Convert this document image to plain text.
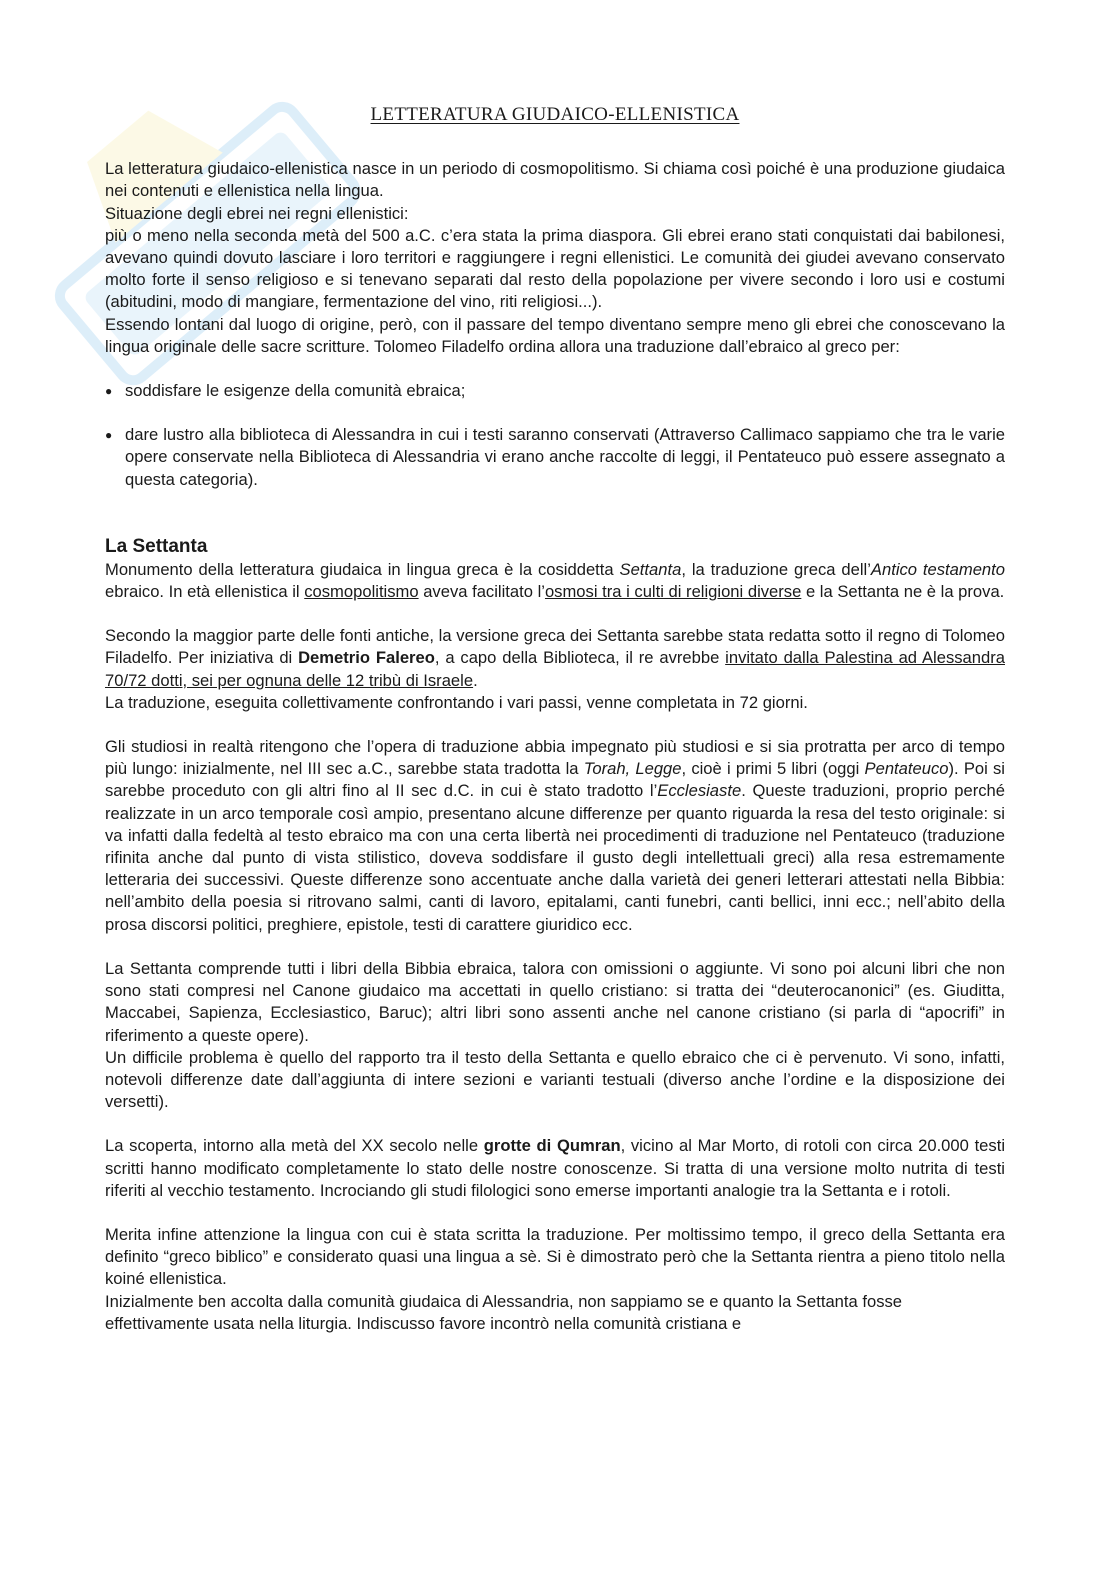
LETTERATURA GIUDAICO-ELLENISTICA

La letteratura giudaico-ellenistica nasce in un periodo di cosmopolitismo. Si chiama così poiché è una produzione giudaica nei contenuti e ellenistica nella lingua.

Situazione degli ebrei nei regni ellenistici:

più o meno nella seconda metà del 500 a.C. c’era stata la prima diaspora. Gli ebrei erano stati conquistati dai babilonesi, avevano quindi dovuto lasciare i loro territori e raggiungere i regni ellenistici. Le comunità dei giudei avevano conservato molto forte il senso religioso e si tenevano separati dal resto della popolazione per vivere secondo i loro usi e costumi (abitudini, modo di mangiare, fermentazione del vino, riti religiosi...).

Essendo lontani dal luogo di origine, però, con il passare del tempo diventano sempre meno gli ebrei che conoscevano la lingua originale delle sacre scritture. Tolomeo Filadelfo ordina allora una traduzione dall’ebraico al greco per:

● soddisfare le esigenze della comunità ebraica;
● dare lustro alla biblioteca di Alessandra in cui i testi saranno conservati (Attraverso Callimaco sappiamo che tra le varie opere conservate nella Biblioteca di Alessandria vi erano anche raccolte di leggi, il Pentateuco può essere assegnato a questa categoria).
La Settanta

Monumento della letteratura giudaica in lingua greca è la cosiddetta Settanta, la traduzione greca dell’Antico testamento ebraico. In età ellenistica il cosmopolitismo aveva facilitato l’osmosi tra i culti di religioni diverse e la Settanta ne è la prova.

Secondo la maggior parte delle fonti antiche, la versione greca dei Settanta sarebbe stata redatta sotto il regno di Tolomeo Filadelfo. Per iniziativa di Demetrio Falereo, a capo della Biblioteca, il re avrebbe invitato dalla Palestina ad Alessandra 70/72 dotti, sei per ognuna delle 12 tribù di Israele.

La traduzione, eseguita collettivamente confrontando i vari passi, venne completata in 72 giorni.

Gli studiosi in realtà ritengono che l’opera di traduzione abbia impegnato più studiosi e si sia protratta per arco di tempo più lungo: inizialmente, nel III sec a.C., sarebbe stata tradotta la Torah, Legge, cioè i primi 5 libri (oggi Pentateuco). Poi si sarebbe proceduto con gli altri fino al II sec d.C. in cui è stato tradotto l’Ecclesiaste. Queste traduzioni, proprio perché realizzate in un arco temporale così ampio, presentano alcune differenze per quanto riguarda la resa del testo originale: si va infatti dalla fedeltà al testo ebraico ma con una certa libertà nei procedimenti di traduzione nel Pentateuco (traduzione rifinita anche dal punto di vista stilistico, doveva soddisfare il gusto degli intellettuali greci) alla resa estremamente letteraria dei successivi. Queste differenze sono accentuate anche dalla varietà dei generi letterari attestati nella Bibbia: nell’ambito della poesia si ritrovano salmi, canti di lavoro, epitalami, canti funebri, canti bellici, inni ecc.; nell’abito della prosa discorsi politici, preghiere, epistole, testi di carattere giuridico ecc.

La Settanta comprende tutti i libri della Bibbia ebraica, talora con omissioni o aggiunte. Vi sono poi alcuni libri che non sono stati compresi nel Canone giudaico ma accettati in quello cristiano: si tratta dei “deuterocanonici” (es. Giuditta, Maccabei, Sapienza, Ecclesiastico, Baruc); altri libri sono assenti anche nel canone cristiano (si parla di “apocrifi” in riferimento a queste opere).

Un difficile problema è quello del rapporto tra il testo della Settanta e quello ebraico che ci è pervenuto. Vi sono, infatti, notevoli differenze date dall’aggiunta di intere sezioni e varianti testuali (diverso anche l’ordine e la disposizione dei versetti).

La scoperta, intorno alla metà del XX secolo nelle grotte di Qumran, vicino al Mar Morto, di rotoli con circa 20.000 testi scritti hanno modificato completamente lo stato delle nostre conoscenze. Si tratta di una versione molto nutrita di testi riferiti al vecchio testamento. Incrociando gli studi filologici sono emerse importanti analogie tra la Settanta e i rotoli.

Merita infine attenzione la lingua con cui è stata scritta la traduzione. Per moltissimo tempo, il greco della Settanta era definito “greco biblico” e considerato quasi una lingua a sè. Si è dimostrato però che la Settanta rientra a pieno titolo nella koiné ellenistica.

Inizialmente ben accolta dalla comunità giudaica di Alessandria, non sappiamo se e quanto la Settanta fosse effettivamente usata nella liturgia. Indiscusso favore incontrò nella comunità cristiana e
